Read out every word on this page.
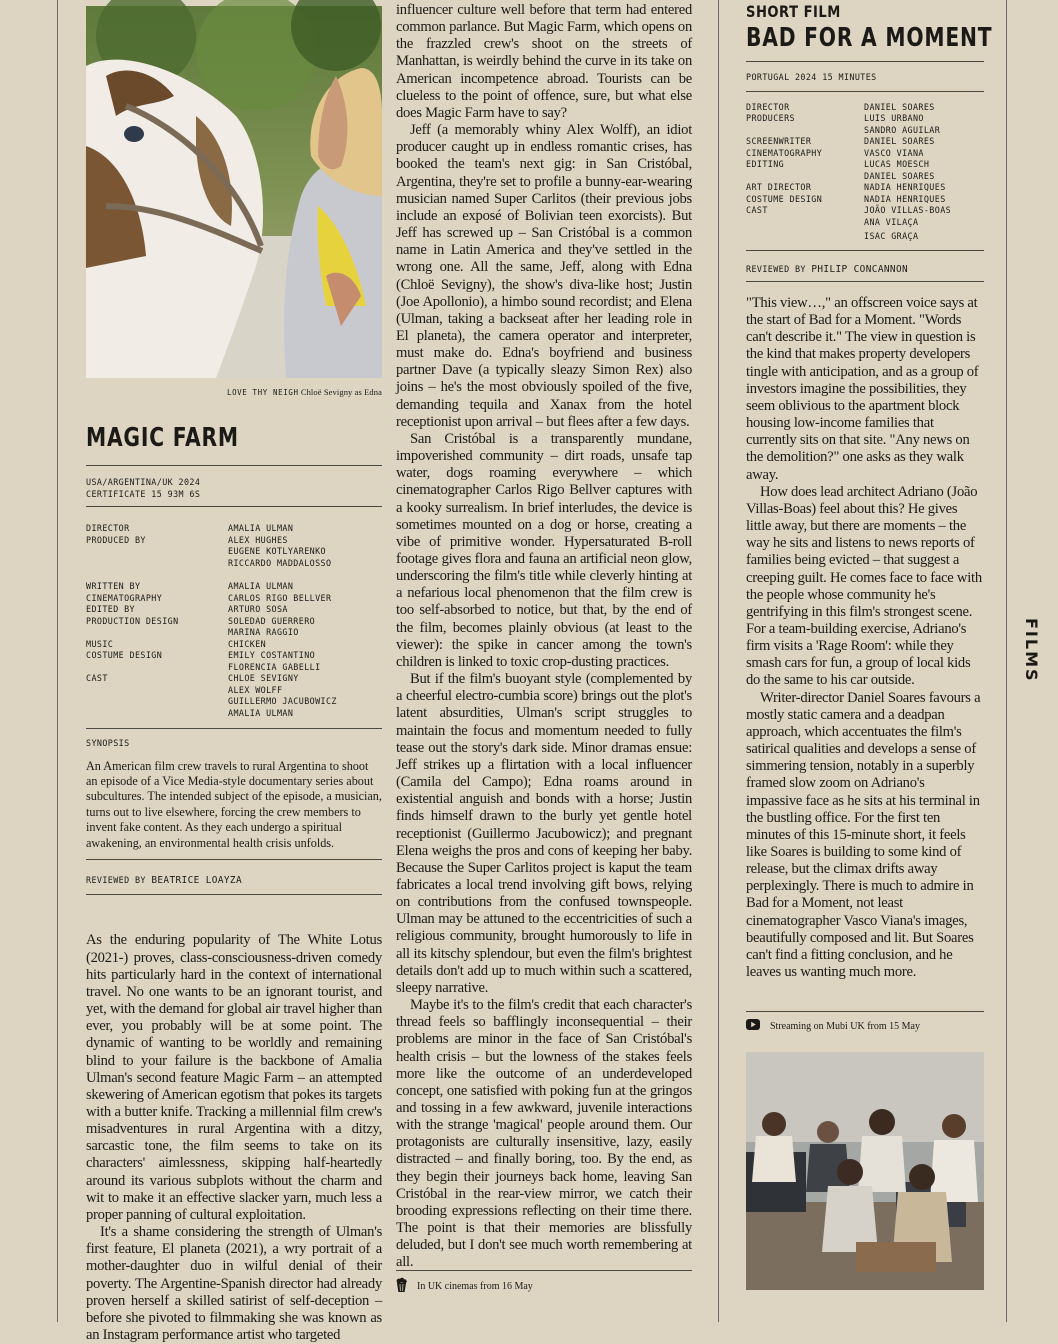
FILMS
LOVE THY NEIGH Chloë Sevigny as Edna
MAGIC FARM
USA/ARGENTINA/UK 2024
CERTIFICATE 15 93M 6S
DIRECTOR	AMALIA ULMAN
PRODUCED BY	ALEX HUGHES
EUGENE KOTLYARENKO
RICCARDO MADDALOSSO
WRITTEN BY	AMALIA ULMAN
CINEMATOGRAPHY	CARLOS RIGO BELLVER
EDITED BY	ARTURO SOSA
PRODUCTION DESIGN	SOLEDAD GUERRERO
MARINA RAGGIO
MUSIC	CHICKEN
COSTUME DESIGN	EMILY COSTANTINO
FLORENCIA GABELLI
CAST	CHLOE SEVIGNY
ALEX WOLFF
GUILLERMO JACUBOWICZ
AMALIA ULMAN
SYNOPSIS
An American film crew travels to rural Argentina to shoot an episode of a Vice Media-style documentary series about subcultures. The intended subject of the episode, a musician, turns out to live elsewhere, forcing the crew members to invent fake content. As they each undergo a spiritual awakening, an environmental health crisis unfolds.
REVIEWED BY BEATRICE LOAYZA

As the enduring popularity of The White Lotus (2021-) proves, class-consciousness-driven comedy hits particularly hard in the context of international travel. No one wants to be an ignorant tourist, and yet, with the demand for global air travel higher than ever, you probably will be at some point. The dynamic of wanting to be worldly and remaining blind to your failure is the backbone of Amalia Ulman's second feature Magic Farm – an attempted skewering of American egotism that pokes its targets with a butter knife. Tracking a millennial film crew's misadventures in rural Argentina with a ditzy, sarcastic tone, the film seems to take on its characters' aimlessness, skipping half-heartedly around its various subplots without the charm and wit to make it an effective slacker yarn, much less a proper panning of cultural exploitation.

It's a shame considering the strength of Ulman's first feature, El planeta (2021), a wry portrait of a mother-daughter duo in wilful denial of their poverty. The Argentine-Spanish director had already proven herself a skilled satirist of self-deception – before she pivoted to filmmaking she was known as an Instagram performance artist who targeted

influencer culture well before that term had entered common parlance. But Magic Farm, which opens on the frazzled crew's shoot on the streets of Manhattan, is weirdly behind the curve in its take on American incompetence abroad. Tourists can be clueless to the point of offence, sure, but what else does Magic Farm have to say?

Jeff (a memorably whiny Alex Wolff), an idiot producer caught up in endless romantic crises, has booked the team's next gig: in San Cristóbal, Argentina, they're set to profile a bunny-ear-wearing musician named Super Carlitos (their previous jobs include an exposé of Bolivian teen exorcists). But Jeff has screwed up – San Cristóbal is a common name in Latin America and they've settled in the wrong one. All the same, Jeff, along with Edna (Chloë Sevigny), the show's diva-like host; Justin (Joe Apollonio), a himbo sound recordist; and Elena (Ulman, taking a backseat after her leading role in El planeta), the camera operator and interpreter, must make do. Edna's boyfriend and business partner Dave (a typically sleazy Simon Rex) also joins – he's the most obviously spoiled of the five, demanding tequila and Xanax from the hotel receptionist upon arrival – but flees after a few days.

San Cristóbal is a transparently mundane, impoverished community – dirt roads, unsafe tap water, dogs roaming everywhere – which cinematographer Carlos Rigo Bellver captures with a kooky surrealism. In brief interludes, the device is sometimes mounted on a dog or horse, creating a vibe of primitive wonder. Hypersaturated B-roll footage gives flora and fauna an artificial neon glow, underscoring the film's title while cleverly hinting at a nefarious local phenomenon that the film crew is too self-absorbed to notice, but that, by the end of the film, becomes plainly obvious (at least to the viewer): the spike in cancer among the town's children is linked to toxic crop-dusting practices.

But if the film's buoyant style (complemented by a cheerful electro-cumbia score) brings out the plot's latent absurdities, Ulman's script struggles to maintain the focus and momentum needed to fully tease out the story's dark side. Minor dramas ensue: Jeff strikes up a flirtation with a local influencer (Camila del Campo); Edna roams around in existential anguish and bonds with a horse; Justin finds himself drawn to the burly yet gentle hotel receptionist (Guillermo Jacubowicz); and pregnant Elena weighs the pros and cons of keeping her baby. Because the Super Carlitos project is kaput the team fabricates a local trend involving gift bows, relying on contributions from the confused townspeople. Ulman may be attuned to the eccentricities of such a religious community, brought humorously to life in all its kitschy splendour, but even the film's brightest details don't add up to much within such a scattered, sleepy narrative.

Maybe it's to the film's credit that each character's thread feels so bafflingly inconsequential – their problems are minor in the face of San Cristóbal's health crisis – but the lowness of the stakes feels more like the outcome of an underdeveloped concept, one satisfied with poking fun at the gringos and tossing in a few awkward, juvenile interactions with the strange 'magical' people around them. Our protagonists are culturally insensitive, lazy, easily distracted – and finally boring, too. By the end, as they begin their journeys back home, leaving San Cristóbal in the rear-view mirror, we catch their brooding expressions reflecting on their time there. The point is that their memories are blissfully deluded, but I don't see much worth remembering at all.

In UK cinemas from 16 May
SHORT FILM
BAD FOR A MOMENT
PORTUGAL 2024 15 MINUTES
DIRECTOR	DANIEL SOARES
PRODUCERS	LUIS URBANO
SANDRO AGUILAR
SCREENWRITER	DANIEL SOARES
CINEMATOGRAPHY	VASCO VIANA
EDITING	LUCAS MOESCH
DANIEL SOARES
ART DIRECTOR	NADIA HENRIQUES
COSTUME DESIGN	NADIA HENRIQUES
CAST	JOÃO VILLAS-BOAS
ANA VILAÇA
ISAC GRAÇA
REVIEWED BY PHILIP CONCANNON

"This view…," an offscreen voice says at the start of Bad for a Moment. "Words can't describe it." The view in question is the kind that makes property developers tingle with anticipation, and as a group of investors imagine the possibilities, they seem oblivious to the apartment block housing low-income families that currently sits on that site. "Any news on the demolition?" one asks as they walk away.

How does lead architect Adriano (João Villas-Boas) feel about this? He gives little away, but there are moments – the way he sits and listens to news reports of families being evicted – that suggest a creeping guilt. He comes face to face with the people whose community he's gentrifying in this film's strongest scene. For a team-building exercise, Adriano's firm visits a 'Rage Room': while they smash cars for fun, a group of local kids do the same to his car outside.

Writer-director Daniel Soares favours a mostly static camera and a deadpan approach, which accentuates the film's satirical qualities and develops a sense of simmering tension, notably in a superbly framed slow zoom on Adriano's impassive face as he sits at his terminal in the bustling office. For the first ten minutes of this 15-minute short, it feels like Soares is building to some kind of release, but the climax drifts away perplexingly. There is much to admire in Bad for a Moment, not least cinematographer Vasco Viana's images, beautifully composed and lit. But Soares can't find a fitting conclusion, and he leaves us wanting much more.

Streaming on Mubi UK from 15 May
